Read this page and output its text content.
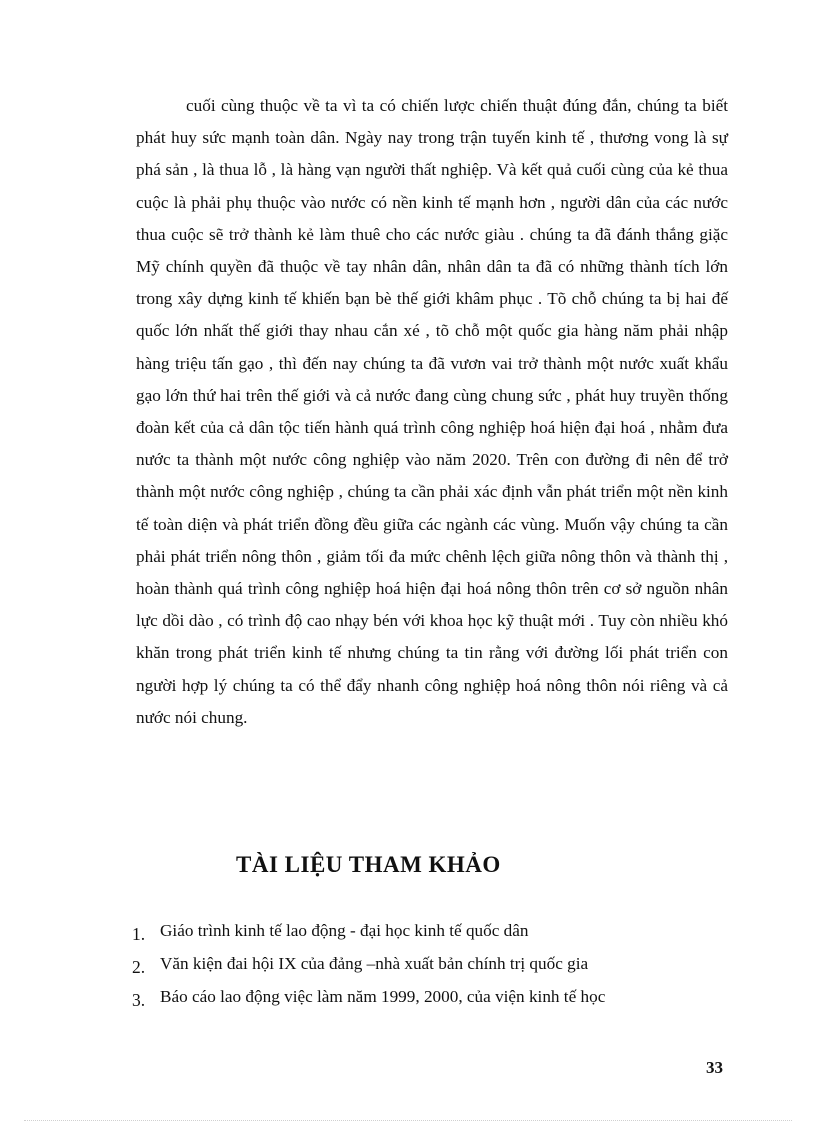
cuối cùng thuộc về ta vì ta có chiến lược chiến thuật đúng đắn, chúng ta biết phát huy sức mạnh toàn dân. Ngày nay trong trận tuyến kinh tế , thương vong là sự phá sản , là thua lỗ , là hàng vạn người thất nghiệp. Và kết quả cuối cùng của kẻ thua cuộc là phải phụ thuộc vào nước có nền kinh tế mạnh hơn , người dân của các nước thua cuộc sẽ trở thành kẻ làm thuê cho các nước giàu . chúng ta đã đánh thắng giặc Mỹ chính quyền đã thuộc về tay nhân dân, nhân dân ta đã có những thành tích lớn trong xây dựng kinh tế khiến bạn bè thế giới khâm phục . Tõ chỗ chúng ta bị hai đế quốc lớn nhất thế giới thay nhau cắn xé , tõ chỗ một quốc gia hàng năm phải nhập hàng triệu tấn gạo , thì đến nay chúng ta đã vươn vai trở thành một nước xuất khẩu gạo lớn thứ hai trên thế giới và cả nước đang cùng chung sức , phát huy truyền thống đoàn kết của cả dân tộc tiến hành quá trình công nghiệp hoá hiện đại hoá , nhằm đưa nước ta thành một nước công nghiệp vào năm 2020. Trên con đường đi nên để trở thành một nước công nghiệp , chúng ta cần phải xác định vẫn phát triển một nền kinh tế toàn diện và phát triển đồng đều giữa các ngành các vùng. Muốn vậy chúng ta cần phải phát triển nông thôn , giảm tối đa mức chênh lệch giữa nông thôn và thành thị , hoàn thành quá trình công nghiệp hoá hiện đại hoá nông thôn trên cơ sở nguồn nhân lực dồi dào , có trình độ cao nhạy bén với khoa học kỹ thuật mới . Tuy còn nhiều khó khăn trong phát triển kinh tế nhưng chúng ta tin rằng với đường lối phát triển con người hợp lý chúng ta có thể đẩy nhanh công nghiệp hoá nông thôn nói riêng và cả nước nói chung.

TÀI LIỆU THAM KHẢO
1. Giáo trình kinh tế lao động - đại học kinh tế quốc dân
2. Văn kiện đai hội IX của đảng –nhà xuất bản chính trị quốc gia
3. Báo cáo lao động việc làm năm 1999, 2000, của viện kinh tế học
33
